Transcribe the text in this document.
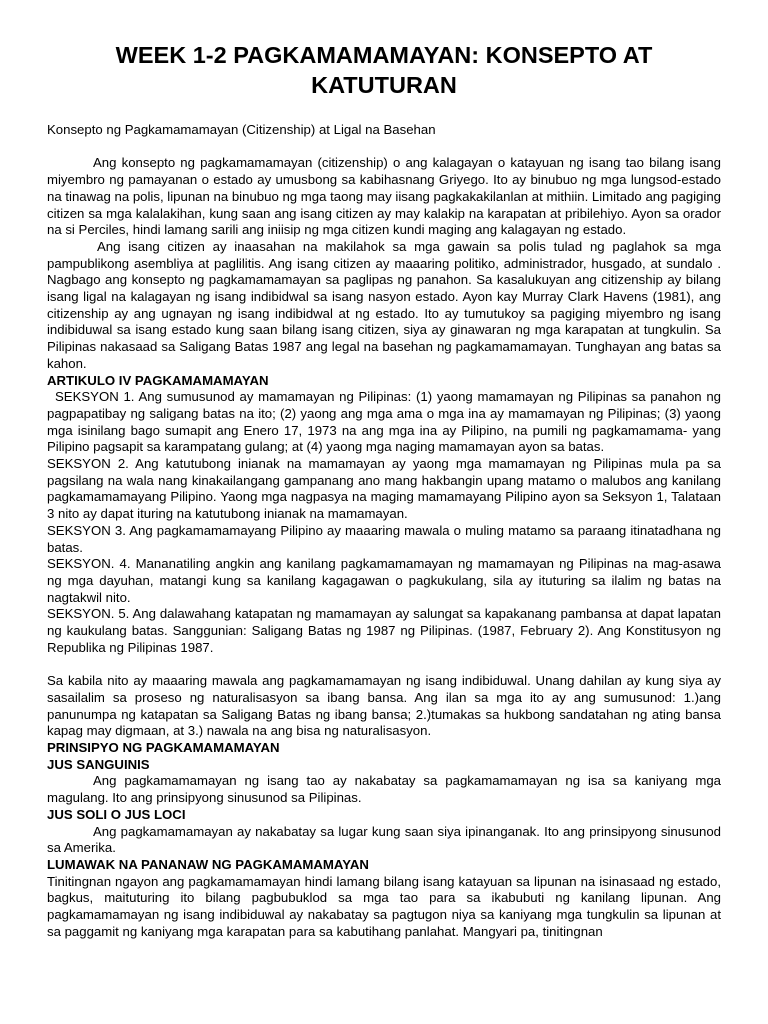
WEEK 1-2 PAGKAMAMAMAYAN: KONSEPTO AT KATUTURAN
Konsepto ng Pagkamamamayan (Citizenship) at Ligal na Basehan

Ang konsepto ng pagkamamamayan (citizenship) o ang kalagayan o katayuan ng isang tao bilang isang miyembro ng pamayanan o estado ay umusbong sa kabihasnang Griyego. Ito ay binubuo ng mga lungsod-estado na tinawag na polis, lipunan na binubuo ng mga taong may iisang pagkakakilanlan at mithiin. Limitado ang pagiging citizen sa mga kalalakihan, kung saan ang isang citizen ay may kalakip na karapatan at pribilehiyo. Ayon sa orador na si Perciles, hindi lamang sarili ang iniisip ng mga citizen kundi maging ang kalagayan ng estado.

Ang isang citizen ay inaasahan na makilahok sa mga gawain sa polis tulad ng paglahok sa mga pampublikong asembliya at paglilitis. Ang isang citizen ay maaaring politiko, administrador, husgado, at sundalo . Nagbago ang konsepto ng pagkamamamayan sa paglipas ng panahon. Sa kasalukuyan ang citizenship ay bilang isang ligal na kalagayan ng isang indibidwal sa isang nasyon estado. Ayon kay Murray Clark Havens (1981), ang citizenship ay ang ugnayan ng isang indibidwal at ng estado. Ito ay tumutukoy sa pagiging miyembro ng isang indibiduwal sa isang estado kung saan bilang isang citizen, siya ay ginawaran ng mga karapatan at tungkulin. Sa Pilipinas nakasaad sa Saligang Batas 1987 ang legal na basehan ng pagkamamamayan. Tunghayan ang batas sa kahon.

ARTIKULO IV PAGKAMAMAMAYAN

SEKSYON 1. Ang sumusunod ay mamamayan ng Pilipinas: (1) yaong mamamayan ng Pilipinas sa panahon ng pagpapatibay ng saligang batas na ito; (2) yaong ang mga ama o mga ina ay mamamayan ng Pilipinas; (3) yaong mga isinilang bago sumapit ang Enero 17, 1973 na ang mga ina ay Pilipino, na pumili ng pagkamamama- yang Pilipino pagsapit sa karampatang gulang; at (4) yaong mga naging mamamayan ayon sa batas.

SEKSYON 2. Ang katutubong inianak na mamamayan ay yaong mga mamamayan ng Pilipinas mula pa sa pagsilang na wala nang kinakailangang gampanang ano mang hakbangin upang matamo o malubos ang kanilang pagkamamamayang Pilipino. Yaong mga nagpasya na maging mamamayang Pilipino ayon sa Seksyon 1, Talataan 3 nito ay dapat ituring na katutubong inianak na mamamayan.

SEKSYON 3. Ang pagkamamamayang Pilipino ay maaaring mawala o muling matamo sa paraang itinatadhana ng batas.

SEKSYON. 4. Mananatiling angkin ang kanilang pagkamamamayan ng mamamayan ng Pilipinas na mag-asawa ng mga dayuhan, matangi kung sa kanilang kagagawan o pagkukulang, sila ay ituturing sa ilalim ng batas na nagtakwil nito.

SEKSYON. 5. Ang dalawahang katapatan ng mamamayan ay salungat sa kapakanang pambansa at dapat lapatan ng kaukulang batas. Sanggunian: Saligang Batas ng 1987 ng Pilipinas. (1987, February 2). Ang Konstitusyon ng Republika ng Pilipinas 1987.

Sa kabila nito ay maaaring mawala ang pagkamamamayan ng isang indibiduwal. Unang dahilan ay kung siya ay sasailalim sa proseso ng naturalisasyon sa ibang bansa. Ang ilan sa mga ito ay ang sumusunod: 1.)ang panunumpa ng katapatan sa Saligang Batas ng ibang bansa; 2.)tumakas sa hukbong sandatahan ng ating bansa kapag may digmaan, at 3.) nawala na ang bisa ng naturalisasyon.

PRINSIPYO NG PAGKAMAMAMAYAN

JUS SANGUINIS

Ang pagkamamamayan ng isang tao ay nakabatay sa pagkamamamayan ng isa sa kaniyang mga magulang. Ito ang prinsipyong sinusunod sa Pilipinas.

JUS SOLI O JUS LOCI

Ang pagkamamamayan ay nakabatay sa lugar kung saan siya ipinanganak. Ito ang prinsipyong sinusunod sa Amerika.

LUMAWAK NA PANANAW NG PAGKAMAMAMAYAN

Tinitingnan ngayon ang pagkamamamayan hindi lamang bilang isang katayuan sa lipunan na isinasaad ng estado, bagkus, maituturing ito bilang pagbubuklod sa mga tao para sa ikabubuti ng kanilang lipunan. Ang pagkamamamayan ng isang indibiduwal ay nakabatay sa pagtugon niya sa kaniyang mga tungkulin sa lipunan at sa paggamit ng kaniyang mga karapatan para sa kabutihang panlahat. Mangyari pa, tinitingnan
